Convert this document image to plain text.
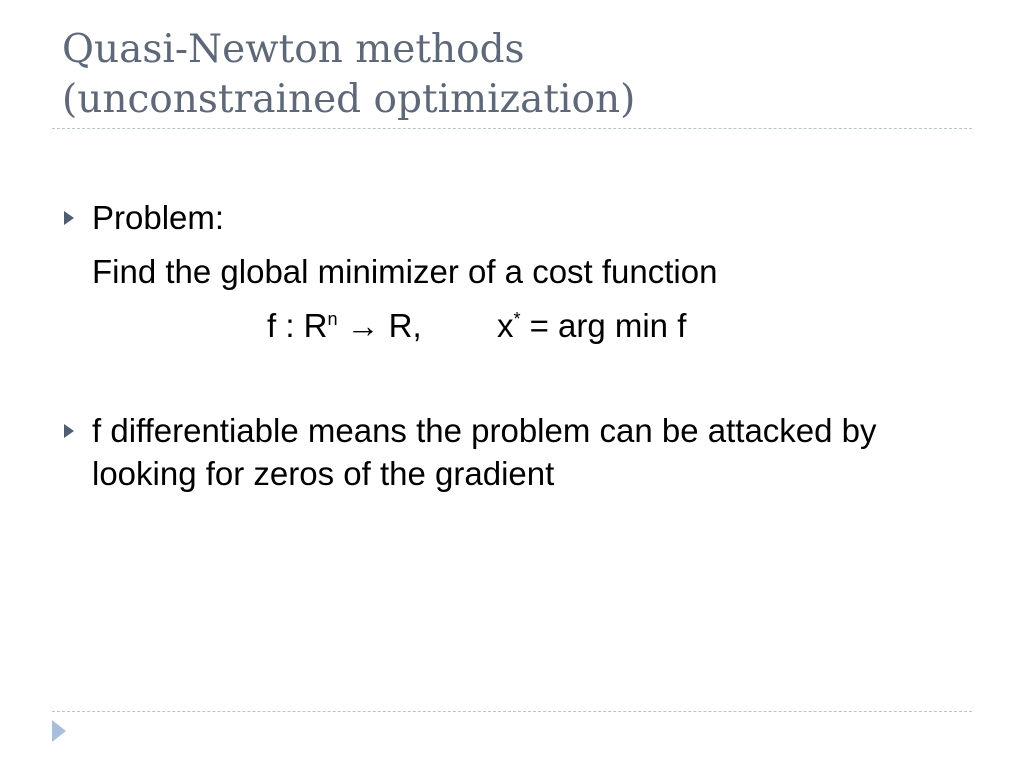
Quasi-Newton methods
(unconstrained optimization)

Problem:

Find the global minimizer of a cost function

f : $R^n \to R$, x* = arg min f

f differentiable means the problem can be attacked by
looking for zeros of the gradient
